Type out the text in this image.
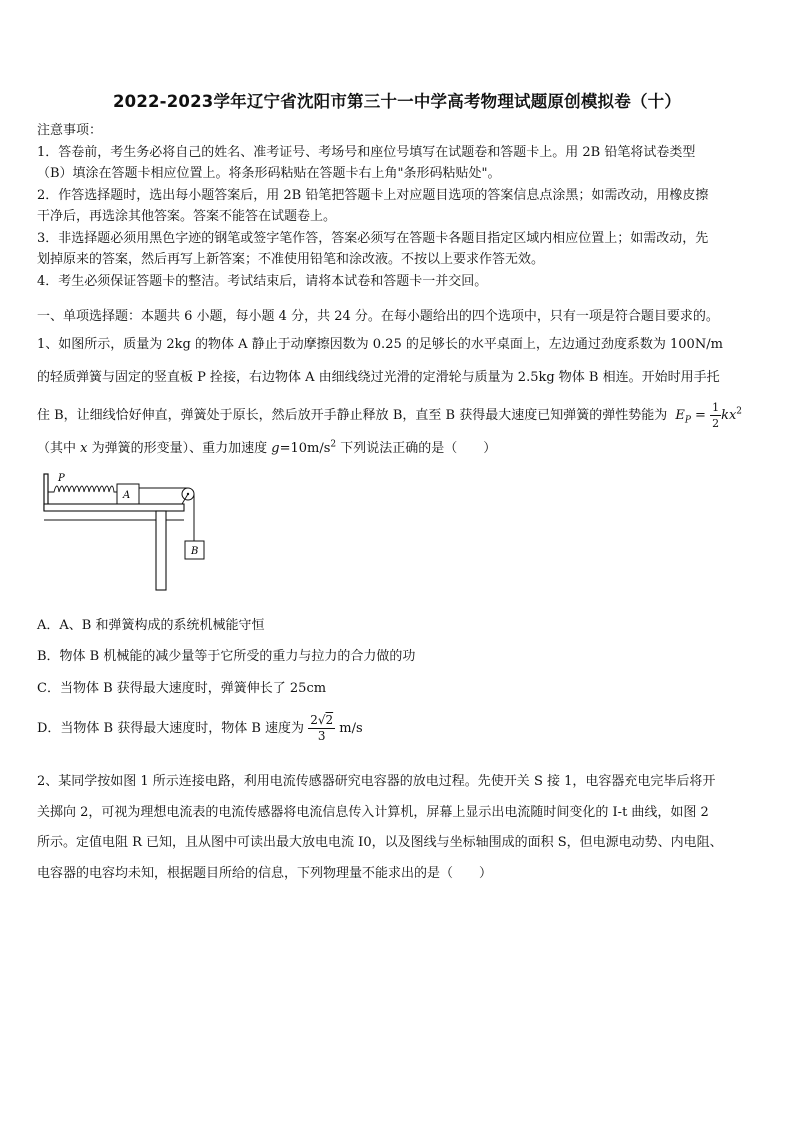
2022-2023学年辽宁省沈阳市第三十一中学高考物理试题原创模拟卷（十）

注意事项：

1．答卷前，考生务必将自己的姓名、准考证号、考场号和座位号填写在试题卷和答题卡上。用 2B 铅笔将试卷类型

（B）填涂在答题卡相应位置上。将条形码粘贴在答题卡右上角"条形码粘贴处"。

2．作答选择题时，选出每小题答案后，用 2B 铅笔把答题卡上对应题目选项的答案信息点涂黑；如需改动，用橡皮擦

干净后，再选涂其他答案。答案不能答在试题卷上。

3．非选择题必须用黑色字迹的钢笔或签字笔作答，答案必须写在答题卡各题目指定区域内相应位置上；如需改动，先

划掉原来的答案，然后再写上新答案；不准使用铅笔和涂改液。不按以上要求作答无效。

4．考生必须保证答题卡的整洁。考试结束后，请将本试卷和答题卡一并交回。

一、单项选择题：本题共 6 小题，每小题 4 分，共 24 分。在每小题给出的四个选项中，只有一项是符合题目要求的。
1、如图所示，质量为 2kg 的物体 A 静止于动摩擦因数为 0.25 的足够长的水平桌面上，左边通过劲度系数为 100N/m
的轻质弹簧与固定的竖直板 P 拴接，右边物体 A 由细线绕过光滑的定滑轮与质量为 2.5kg 物体 B 相连。开始时用手托
住 B，让细线恰好伸直，弹簧处于原长，然后放开手静止释放 B，直至 B 获得最大速度已知弹簧的弹性势能为 $E_P = \frac{1}{2} kx^2$
（其中 x 为弹簧的形变量）、重力加速度 $g=10m/s^2$ 下列说法正确的是（　　）
P
A
B
A．A、B 和弹簧构成的系统机械能守恒
B．物体 B 机械能的减少量等于它所受的重力与拉力的合力做的功
C．当物体 B 获得最大速度时，弹簧伸长了 25cm
D．当物体 B 获得最大速度时，物体 B 速度为 $\frac{2√2}{3} m/s$
2、某同学按如图 1 所示连接电路，利用电流传感器研究电容器的放电过程。先使开关 S 接 1，电容器充电完毕后将开
关掷向 2，可视为理想电流表的电流传感器将电流信息传入计算机，屏幕上显示出电流随时间变化的 I-t 曲线，如图 2
所示。定值电阻 R 已知，且从图中可读出最大放电电流 I0，以及图线与坐标轴围成的面积 S，但电源电动势、内电阻、
电容器的电容均未知，根据题目所给的信息，下列物理量不能求出的是（　　）
